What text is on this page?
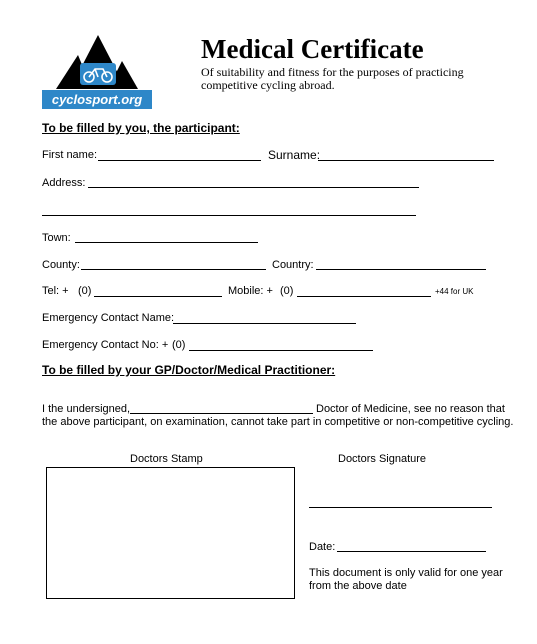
cyclosport.org
Medical Certificate
Of suitability and fitness for the purposes of practicing competitive cycling abroad.
To be filled by you, the participant:
First name:	Surname:
Address:
Town:
County:	Country:
Tel: + (0)	Mobile: + (0)	+44 for UK
Emergency Contact Name:
Emergency Contact No: + (0)
To be filled by your GP/Doctor/Medical Practitioner:
I the undersigned,	Doctor of Medicine, see no reason that
the above participant, on examination, cannot take part in competitive or non-competitive cycling.
Doctors Stamp	Doctors Signature
Date:
This document is only valid for one year from the above date
